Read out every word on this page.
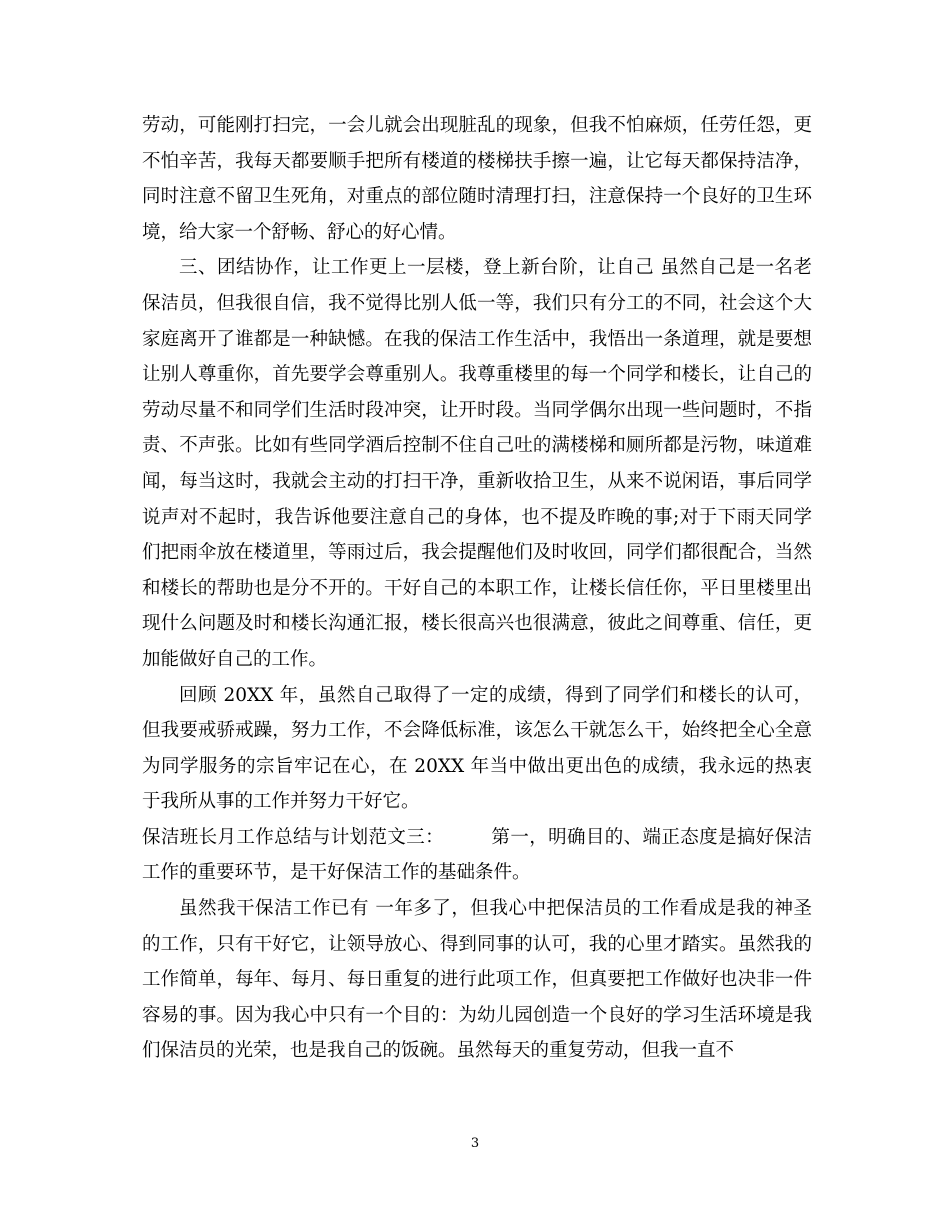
劳动，可能刚打扫完，一会儿就会出现脏乱的现象，但我不怕麻烦，任劳任怨，更不怕辛苦，我每天都要顺手把所有楼道的楼梯扶手擦一遍，让它每天都保持洁净，同时注意不留卫生死角，对重点的部位随时清理打扫，注意保持一个良好的卫生环境，给大家一个舒畅、舒心的好心情。

三、团结协作，让工作更上一层楼，登上新台阶，让自己 虽然自己是一名老保洁员，但我很自信，我不觉得比别人低一等，我们只有分工的不同，社会这个大家庭离开了谁都是一种缺憾。在我的保洁工作生活中，我悟出一条道理，就是要想让别人尊重你，首先要学会尊重别人。我尊重楼里的每一个同学和楼长，让自己的劳动尽量不和同学们生活时段冲突，让开时段。当同学偶尔出现一些问题时，不指责、不声张。比如有些同学酒后控制不住自己吐的满楼梯和厕所都是污物，味道难闻，每当这时，我就会主动的打扫干净，重新收拾卫生，从来不说闲语，事后同学说声对不起时，我告诉他要注意自己的身体，也不提及昨晚的事;对于下雨天同学们把雨伞放在楼道里，等雨过后，我会提醒他们及时收回，同学们都很配合，当然和楼长的帮助也是分不开的。干好自己的本职工作，让楼长信任你，平日里楼里出现什么问题及时和楼长沟通汇报，楼长很高兴也很满意，彼此之间尊重、信任，更加能做好自己的工作。

回顾 20XX 年，虽然自己取得了一定的成绩，得到了同学们和楼长的认可，但我要戒骄戒躁，努力工作，不会降低标准，该怎么干就怎么干，始终把全心全意为同学服务的宗旨牢记在心，在 20XX 年当中做出更出色的成绩，我永远的热衷于我所从事的工作并努力干好它。

保洁班长月工作总结与计划范文三：　　　第一，明确目的、端正态度是搞好保洁工作的重要环节，是干好保洁工作的基础条件。

虽然我干保洁工作已有 一年多了，但我心中把保洁员的工作看成是我的神圣的工作，只有干好它，让领导放心、得到同事的认可，我的心里才踏实。虽然我的工作简单，每年、每月、每日重复的进行此项工作，但真要把工作做好也决非一件容易的事。因为我心中只有一个目的：为幼儿园创造一个良好的学习生活环境是我们保洁员的光荣，也是我自己的饭碗。虽然每天的重复劳动，但我一直不

3
